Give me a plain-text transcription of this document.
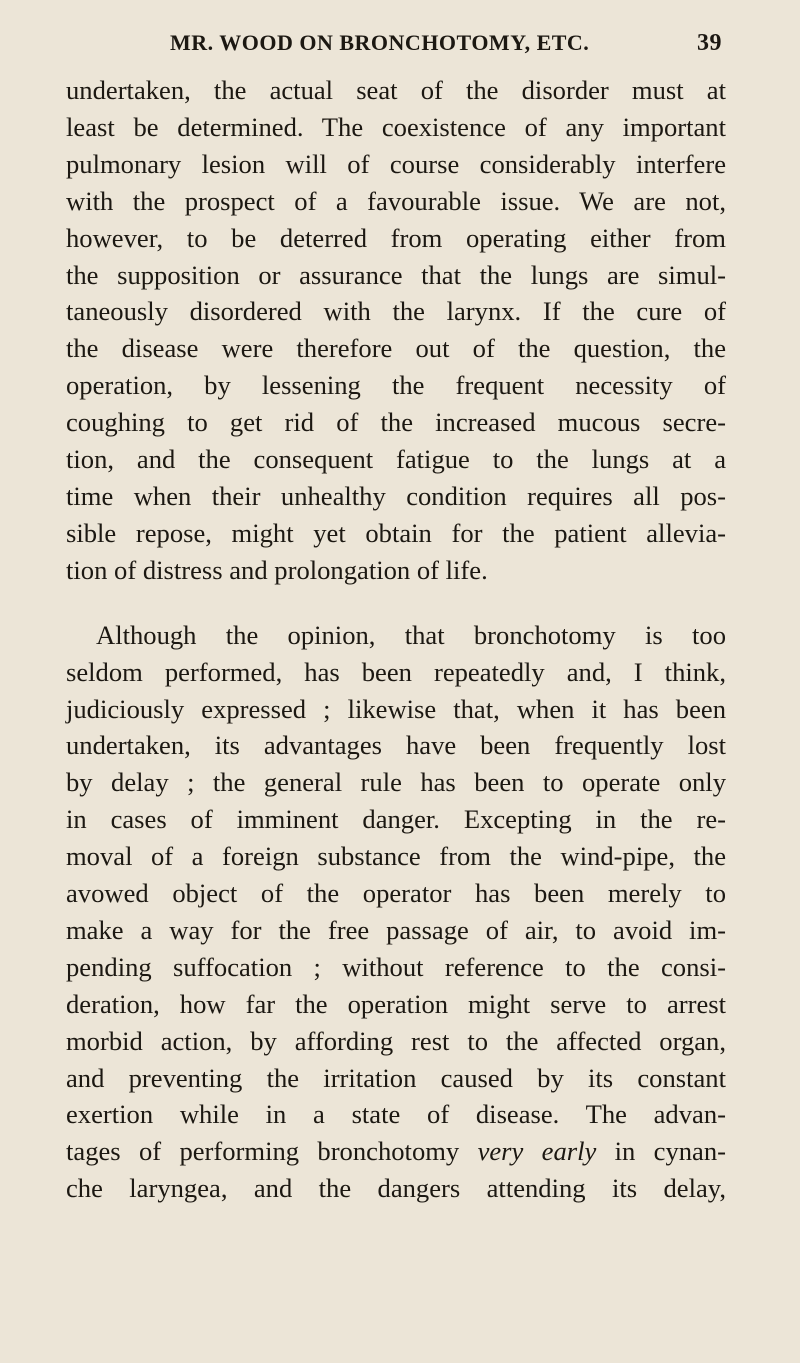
MR. WOOD ON BRONCHOTOMY, ETC.	39
undertaken, the actual seat of the disorder must at
least be determined. The coexistence of any important
pulmonary lesion will of course considerably interfere
with the prospect of a favourable issue. We are not,
however, to be deterred from operating either from
the supposition or assurance that the lungs are simul-
taneously disordered with the larynx. If the cure of
the disease were therefore out of the question, the
operation, by lessening the frequent necessity of
coughing to get rid of the increased mucous secre-
tion, and the consequent fatigue to the lungs at a
time when their unhealthy condition requires all pos-
sible repose, might yet obtain for the patient allevia-
tion of distress and prolongation of life.
Although the opinion, that bronchotomy is too
seldom performed, has been repeatedly and, I think,
judiciously expressed ; likewise that, when it has been
undertaken, its advantages have been frequently lost
by delay ; the general rule has been to operate only
in cases of imminent danger. Excepting in the re-
moval of a foreign substance from the wind-pipe, the
avowed object of the operator has been merely to
make a way for the free passage of air, to avoid im-
pending suffocation ; without reference to the consi-
deration, how far the operation might serve to arrest
morbid action, by affording rest to the affected organ,
and preventing the irritation caused by its constant
exertion while in a state of disease. The advan-
tages of performing bronchotomy very early in cynan-
che laryngea, and the dangers attending its delay,
